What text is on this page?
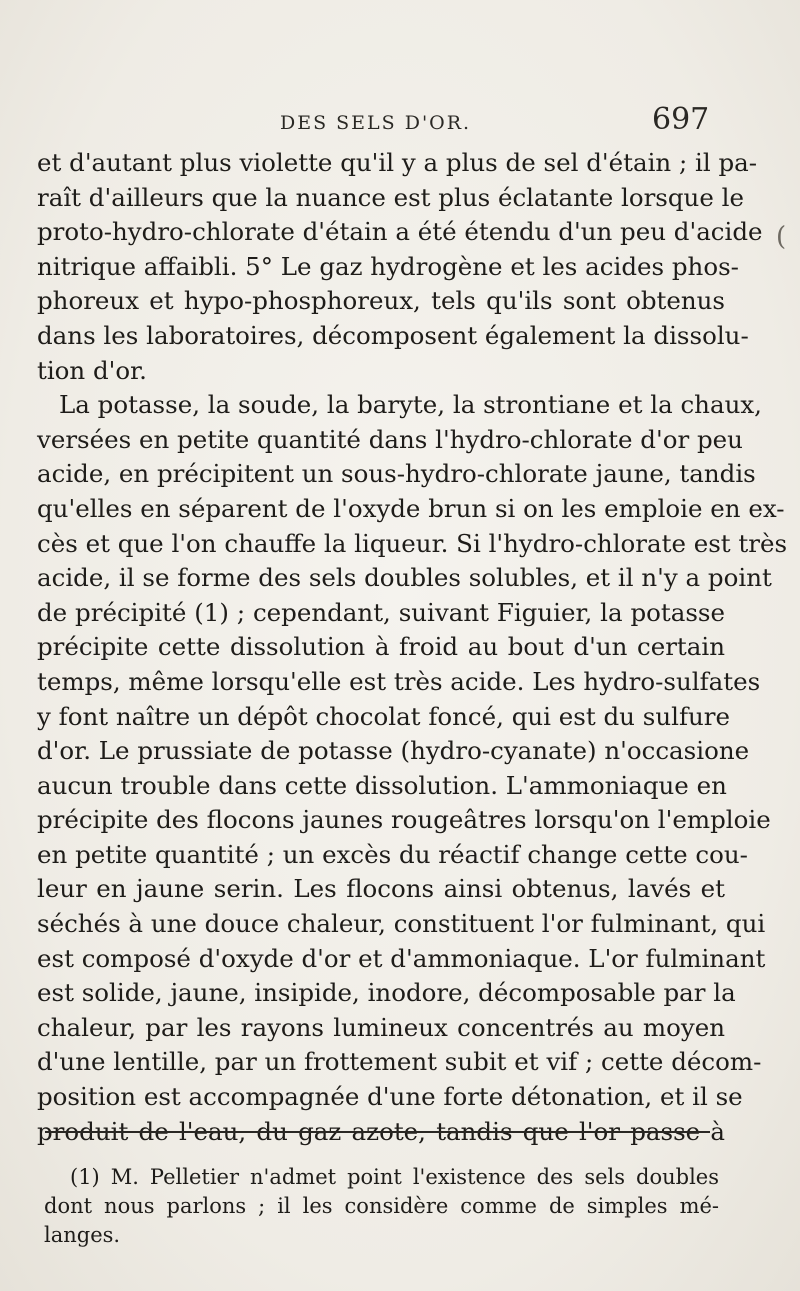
DES SELS D'OR.	697
et d'autant plus violette qu'il y a plus de sel d'étain ; il pa-
raît d'ailleurs que la nuance est plus éclatante lorsque le
proto-hydro-chlorate d'étain a été étendu d'un peu d'acide
nitrique affaibli. 5° Le gaz hydrogène et les acides phos-
phoreux et hypo-phosphoreux, tels qu'ils sont obtenus
dans les laboratoires, décomposent également la dissolu-
tion d'or.
La potasse, la soude, la baryte, la strontiane et la chaux,
versées en petite quantité dans l'hydro-chlorate d'or peu
acide, en précipitent un sous-hydro-chlorate jaune, tandis
qu'elles en séparent de l'oxyde brun si on les emploie en ex-
cès et que l'on chauffe la liqueur. Si l'hydro-chlorate est très
acide, il se forme des sels doubles solubles, et il n'y a point
de précipité (1) ; cependant, suivant Figuier, la potasse
précipite cette dissolution à froid au bout d'un certain
temps, même lorsqu'elle est très acide. Les hydro-sulfates
y font naître un dépôt chocolat foncé, qui est du sulfure
d'or. Le prussiate de potasse (hydro-cyanate) n'occasione
aucun trouble dans cette dissolution. L'ammoniaque en
précipite des flocons jaunes rougeâtres lorsqu'on l'emploie
en petite quantité ; un excès du réactif change cette cou-
leur en jaune serin. Les flocons ainsi obtenus, lavés et
séchés à une douce chaleur, constituent l'or fulminant, qui
est composé d'oxyde d'or et d'ammoniaque. L'or fulminant
est solide, jaune, insipide, inodore, décomposable par la
chaleur, par les rayons lumineux concentrés au moyen
d'une lentille, par un frottement subit et vif ; cette décom-
position est accompagnée d'une forte détonation, et il se
produit de l'eau, du gaz azote, tandis que l'or passe à
(1) M. Pelletier n'admet point l'existence des sels doubles
dont nous parlons ; il les considère comme de simples mé-
langes.
(
